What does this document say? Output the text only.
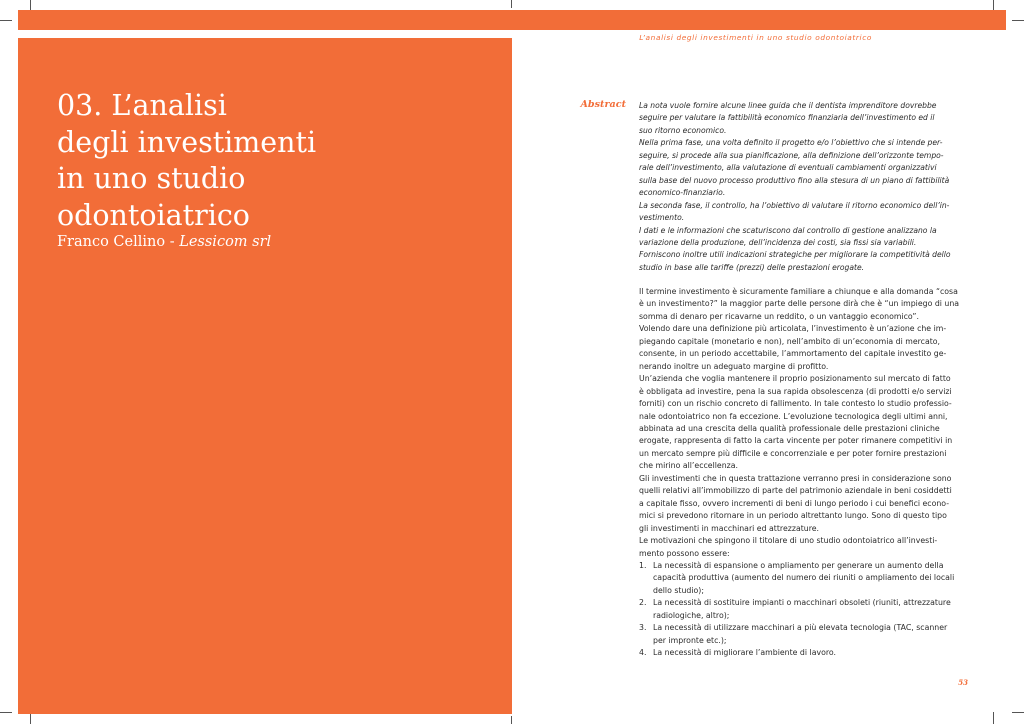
03. L’analisi
degli investimenti
in uno studio
odontoiatrico
Franco Cellino - Lessicom srl
L’analisi degli investimenti in uno studio odontoiatrico
Abstract La nota vuole fornire alcune linee guida che il dentista imprenditore dovrebbe
seguire per valutare la fattibilità economico finanziaria dell’investimento ed il
suo ritorno economico.
Nella prima fase, una volta definito il progetto e/o l’obiettivo che si intende per-
seguire, si procede alla sua pianificazione, alla definizione dell’orizzonte tempo-
rale dell’investimento, alla valutazione di eventuali cambiamenti organizzativi
sulla base del nuovo processo produttivo fino alla stesura di un piano di fattibilità
economico-finanziario.
La seconda fase, il controllo, ha l’obiettivo di valutare il ritorno economico dell’in-
vestimento.
I dati e le informazioni che scaturiscono dal controllo di gestione analizzano la
variazione della produzione, dell’incidenza dei costi, sia fissi sia variabili.
Forniscono inoltre utili indicazioni strategiche per migliorare la competitività dello
studio in base alle tariffe (prezzi) delle prestazioni erogate.
Il termine investimento è sicuramente familiare a chiunque e alla domanda “cosa
è un investimento?” la maggior parte delle persone dirà che è “un impiego di una
somma di denaro per ricavarne un reddito, o un vantaggio economico”.
Volendo dare una definizione più articolata, l’investimento è un’azione che im-
piegando capitale (monetario e non), nell’ambito di un’economia di mercato,
consente, in un periodo accettabile, l’ammortamento del capitale investito ge-
nerando inoltre un adeguato margine di profitto.
Un’azienda che voglia mantenere il proprio posizionamento sul mercato di fatto
è obbligata ad investire, pena la sua rapida obsolescenza (di prodotti e/o servizi
forniti) con un rischio concreto di fallimento. In tale contesto lo studio professio-
nale odontoiatrico non fa eccezione. L’evoluzione tecnologica degli ultimi anni,
abbinata ad una crescita della qualità professionale delle prestazioni cliniche
erogate, rappresenta di fatto la carta vincente per poter rimanere competitivi in
un mercato sempre più difficile e concorrenziale e per poter fornire prestazioni
che mirino all’eccellenza.
Gli investimenti che in questa trattazione verranno presi in considerazione sono
quelli relativi all’immobilizzo di parte del patrimonio aziendale in beni cosiddetti
a capitale fisso, ovvero incrementi di beni di lungo periodo i cui benefici econo-
mici si prevedono ritornare in un periodo altrettanto lungo. Sono di questo tipo
gli investimenti in macchinari ed attrezzature.
Le motivazioni che spingono il titolare di uno studio odontoiatrico all’investi-
mento possono essere:
1. La necessità di espansione o ampliamento per generare un aumento della
capacità produttiva (aumento del numero dei riuniti o ampliamento dei locali
dello studio);
2. La necessità di sostituire impianti o macchinari obsoleti (riuniti, attrezzature
radiologiche, altro);
3. La necessità di utilizzare macchinari a più elevata tecnologia (TAC, scanner
per impronte etc.);
4. La necessità di migliorare l’ambiente di lavoro.
53
